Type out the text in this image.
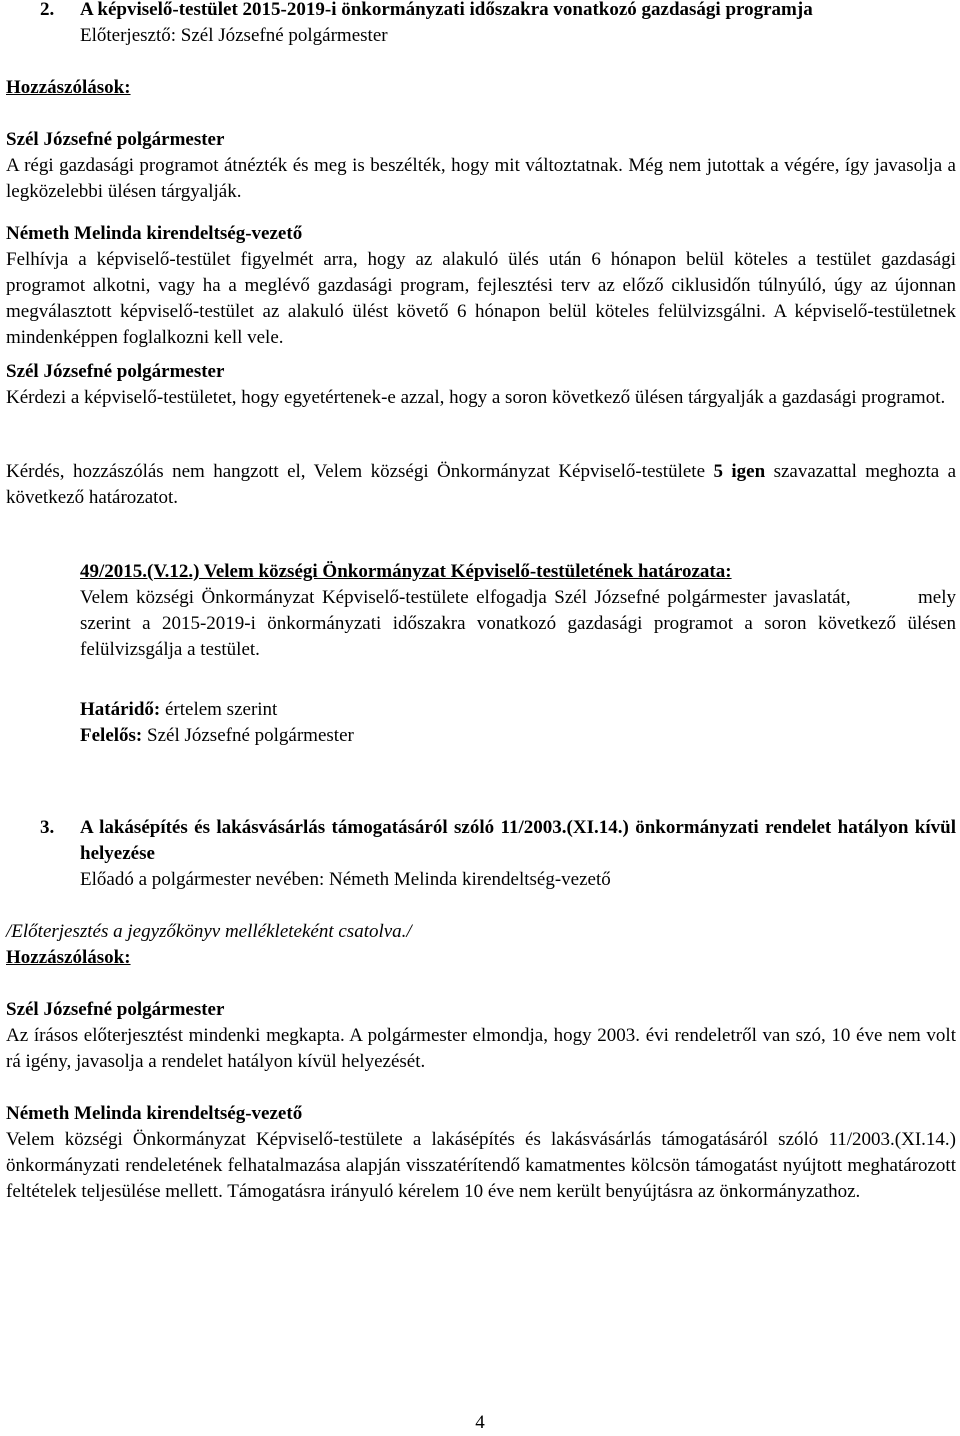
2.	A képviselő-testület 2015-2019-i önkormányzati időszakra vonatkozó gazdasági programja

Előterjesztő: Szél Józsefné polgármester

Hozzászólások:

Szél Józsefné polgármester

A régi gazdasági programot átnézték és meg is beszélték, hogy mit változtatnak. Még nem jutottak a végére, így javasolja a legközelebbi ülésen tárgyalják.

Németh Melinda kirendeltség-vezető

Felhívja a képviselő-testület figyelmét arra, hogy az alakuló ülés után 6 hónapon belül köteles a testület gazdasági programot alkotni, vagy ha a meglévő gazdasági program, fejlesztési terv az előző ciklusidőn túlnyúló, úgy az újonnan megválasztott képviselő-testület az alakuló ülést követő 6 hónapon belül köteles felülvizsgálni. A képviselő-testületnek mindenképpen foglalkozni kell vele.

Szél Józsefné polgármester

Kérdezi a képviselő-testületet, hogy egyetértenek-e azzal, hogy a soron következő ülésen tárgyalják a gazdasági programot.

Kérdés, hozzászólás nem hangzott el, Velem községi Önkormányzat Képviselő-testülete 5 igen szavazattal meghozta a következő határozatot.

49/2015.(V.12.) Velem községi Önkormányzat Képviselő-testületének határozata:

Velem községi Önkormányzat Képviselő-testülete elfogadja Szél Józsefné polgármester javaslatát,	mely szerint a 2015-2019-i önkormányzati időszakra vonatkozó gazdasági programot a soron következő ülésen felülvizsgálja a testület.

Határidő: értelem szerint

Felelős: Szél Józsefné polgármester

3.	A lakásépítés és lakásvásárlás támogatásáról szóló 11/2003.(XI.14.) önkormányzati rendelet hatályon kívül helyezése

Előadó a polgármester nevében: Németh Melinda kirendeltség-vezető

/Előterjesztés a jegyzőkönyv mellékleteként csatolva./

Hozzászólások:

Szél Józsefné polgármester

Az írásos előterjesztést mindenki megkapta. A polgármester elmondja, hogy 2003. évi rendeletről van szó, 10 éve nem volt rá igény, javasolja a rendelet hatályon kívül helyezését.

Németh Melinda kirendeltség-vezető

Velem községi Önkormányzat Képviselő-testülete a lakásépítés és lakásvásárlás támogatásáról szóló 11/2003.(XI.14.) önkormányzati rendeletének felhatalmazása alapján visszatérítendő kamatmentes kölcsön támogatást nyújtott meghatározott feltételek teljesülése mellett. Támogatásra irányuló kérelem 10 éve nem került benyújtásra az önkormányzathoz.

4
